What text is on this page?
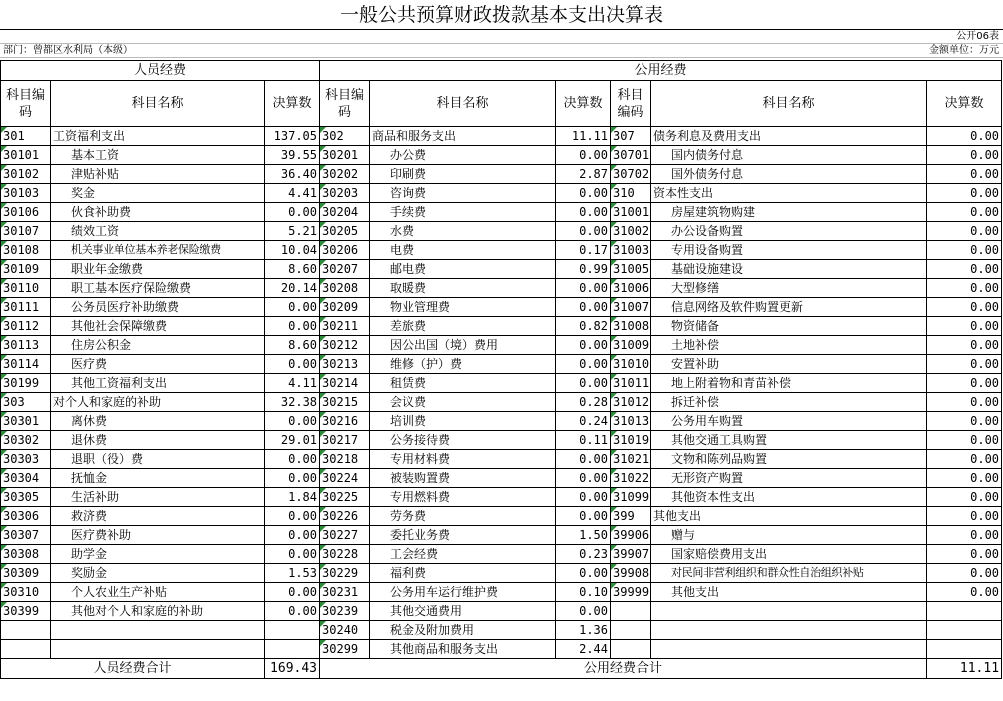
一般公共预算财政拨款基本支出决算表
公开06表
部门：曾都区水利局（本级）	金额单位：万元
人员经费			公用经费					
科目编码	科目名称	决算数	科目编码	科目名称	决算数	科目编码	科目名称	决算数
301	工资福利支出	137.05	302	商品和服务支出	11.11	307	债务利息及费用支出	0.00
30101	基本工资	39.55	30201	办公费	0.00	30701	国内债务付息	0.00
30102	津贴补贴	36.40	30202	印刷费	2.87	30702	国外债务付息	0.00
30103	奖金	4.41	30203	咨询费	0.00	310	资本性支出	0.00
30106	伙食补助费	0.00	30204	手续费	0.00	31001	房屋建筑物购建	0.00
30107	绩效工资	5.21	30205	水费	0.00	31002	办公设备购置	0.00
30108	机关事业单位基本养老保险缴费	10.04	30206	电费	0.17	31003	专用设备购置	0.00
30109	职业年金缴费	8.60	30207	邮电费	0.99	31005	基础设施建设	0.00
30110	职工基本医疗保险缴费	20.14	30208	取暖费	0.00	31006	大型修缮	0.00
30111	公务员医疗补助缴费	0.00	30209	物业管理费	0.00	31007	信息网络及软件购置更新	0.00
30112	其他社会保障缴费	0.00	30211	差旅费	0.82	31008	物资储备	0.00
30113	住房公积金	8.60	30212	因公出国（境）费用	0.00	31009	土地补偿	0.00
30114	医疗费	0.00	30213	维修（护）费	0.00	31010	安置补助	0.00
30199	其他工资福利支出	4.11	30214	租赁费	0.00	31011	地上附着物和青苗补偿	0.00
303	对个人和家庭的补助	32.38	30215	会议费	0.28	31012	拆迁补偿	0.00
30301	离休费	0.00	30216	培训费	0.24	31013	公务用车购置	0.00
30302	退休费	29.01	30217	公务接待费	0.11	31019	其他交通工具购置	0.00
30303	退职（役）费	0.00	30218	专用材料费	0.00	31021	文物和陈列品购置	0.00
30304	抚恤金	0.00	30224	被装购置费	0.00	31022	无形资产购置	0.00
30305	生活补助	1.84	30225	专用燃料费	0.00	31099	其他资本性支出	0.00
30306	救济费	0.00	30226	劳务费	0.00	399	其他支出	0.00
30307	医疗费补助	0.00	30227	委托业务费	1.50	39906	赠与	0.00
30308	助学金	0.00	30228	工会经费	0.23	39907	国家赔偿费用支出	0.00
30309	奖励金	1.53	30229	福利费	0.00	39908	对民间非营利组织和群众性自治组织补贴	0.00
30310	个人农业生产补贴	0.00	30231	公务用车运行维护费	0.10	39999	其他支出	0.00
30399	其他对个人和家庭的补助	0.00	30239	其他交通费用	0.00			
			30240	税金及附加费用	1.36			
			30299	其他商品和服务支出	2.44			
人员经费合计		169.43	公用经费合计					11.11
